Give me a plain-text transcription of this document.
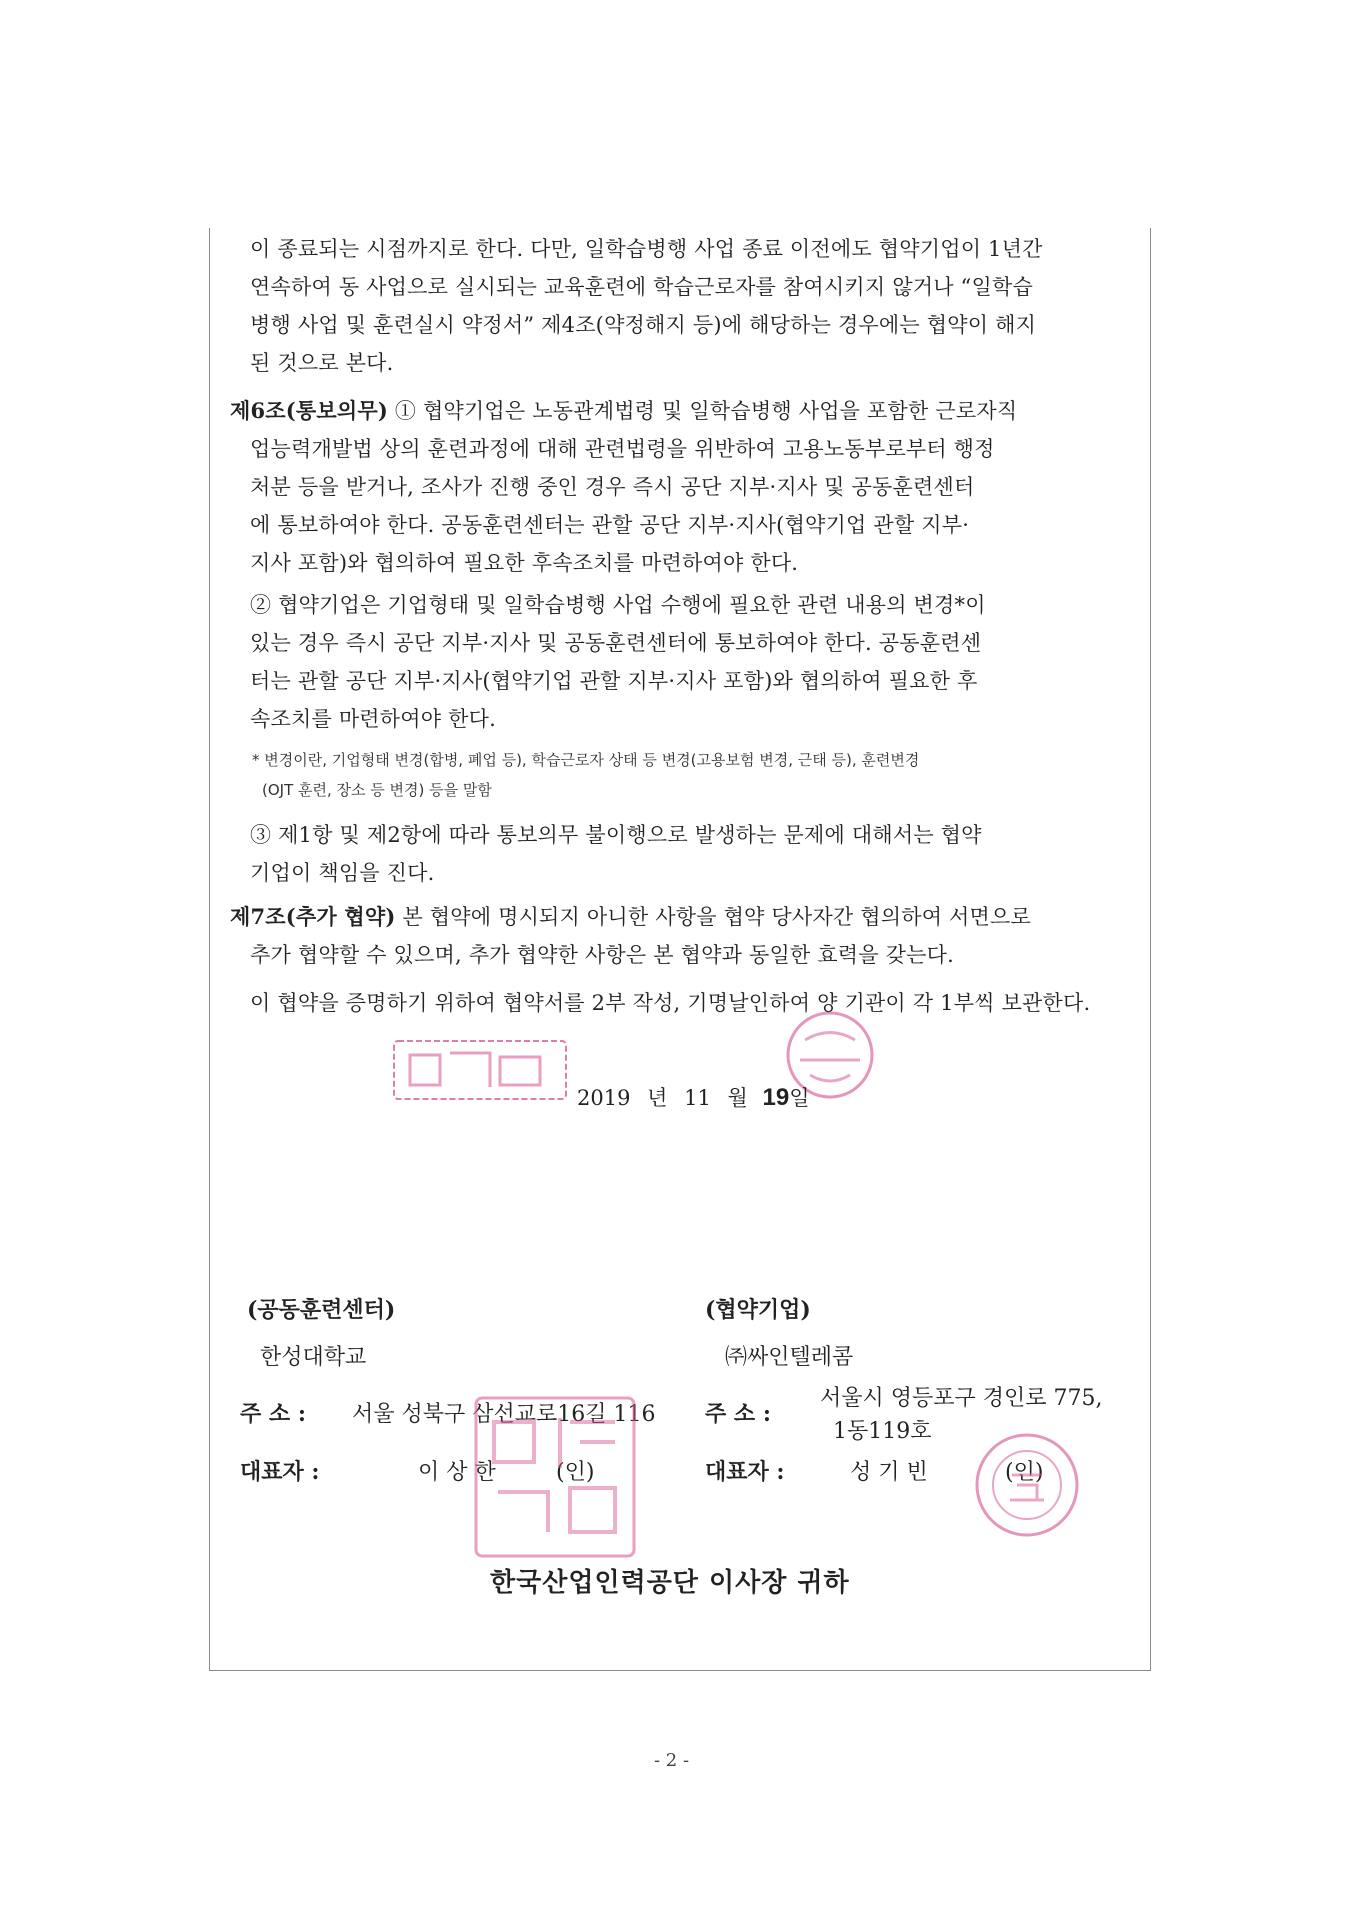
이 종료되는 시점까지로 한다. 다만, 일학습병행 사업 종료 이전에도 협약기업이 1년간
연속하여 동 사업으로 실시되는 교육훈련에 학습근로자를 참여시키지 않거나 “일학습
병행 사업 및 훈련실시 약정서” 제4조(약정해지 등)에 해당하는 경우에는 협약이 해지
된 것으로 본다.
제6조(통보의무) ① 협약기업은 노동관계법령 및 일학습병행 사업을 포함한 근로자직
업능력개발법 상의 훈련과정에 대해 관련법령을 위반하여 고용노동부로부터 행정
처분 등을 받거나, 조사가 진행 중인 경우 즉시 공단 지부·지사 및 공동훈련센터
에 통보하여야 한다. 공동훈련센터는 관할 공단 지부·지사(협약기업 관할 지부·
지사 포함)와 협의하여 필요한 후속조치를 마련하여야 한다.
② 협약기업은 기업형태 및 일학습병행 사업 수행에 필요한 관련 내용의 변경*이
있는 경우 즉시 공단 지부·지사 및 공동훈련센터에 통보하여야 한다. 공동훈련센
터는 관할 공단 지부·지사(협약기업 관할 지부·지사 포함)와 협의하여 필요한 후
속조치를 마련하여야 한다.
* 변경이란, 기업형태 변경(합병, 폐업 등), 학습근로자 상태 등 변경(고용보험 변경, 근태 등), 훈련변경
(OJT 훈련, 장소 등 변경) 등을 말함
③ 제1항 및 제2항에 따라 통보의무 불이행으로 발생하는 문제에 대해서는 협약
기업이 책임을 진다.
제7조(추가 협약) 본 협약에 명시되지 아니한 사항을 협약 당사자간 협의하여 서면으로
추가 협약할 수 있으며, 추가 협약한 사항은 본 협약과 동일한 효력을 갖는다.
이 협약을 증명하기 위하여 협약서를 2부 작성, 기명날인하여 양 기관이 각 1부씩 보관한다.
2019 년 11 월 19일
(공동훈련센터)
한성대학교
주 소 : 서울 성북구 삼선교로16길 116
대표자 :	이 상 한	(인)
(협약기업)
㈜싸인텔레콤
주 소 :
서울시 영등포구 경인로 775,
1동119호
대표자 :	성 기 빈	(인)
한국산업인력공단 이사장 귀하
- 2 -
